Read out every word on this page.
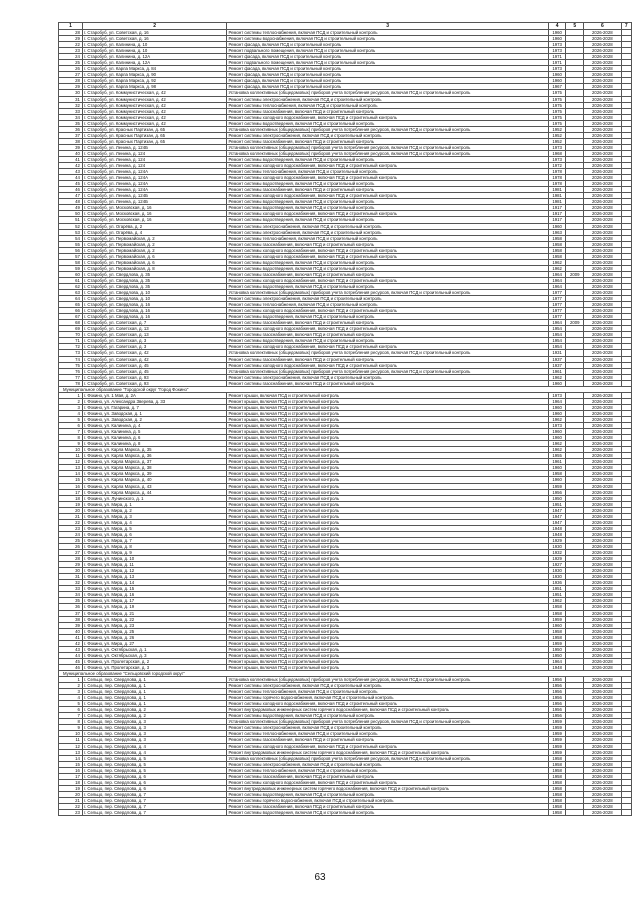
1	2	3	4	5	6	7
28	г. Старобуб, ул. Советская, д. 16	Ремонт системы теплоснабжения, включая ПСД и строительный контроль	1960		2026-2028	
29	г. Старобуб, ул. Советская, д. 16	Ремонт системы водоснабжения, включая ПСД и строительный контроль	1960		2026-2028	
22	г. Старобуб, ул. Калинина, д. 10	Ремонт фасада, включая ПСД и строительный контроль	1973		2026-2028	
23	г. Старобуб, ул. Калинина, д. 10	Ремонт подвального помещения, включая ПСД и строительный контроль	1973		2026-2028	
24	г. Старобуб, ул. Калинина, д. 12А	Ремонт фасада, включая ПСД и строительный контроль	1971		2026-2028	
25	г. Старобуб, ул. Калинина, д. 12А	Ремонт подвального помещения, включая ПСД и строительный контроль	1971		2026-2028	
26	г. Старобуб, ул. Карла Маркса, д. 84	Ремонт фасада, включая ПСД и строительный контроль	1973		2026-2028	
27	г. Старобуб, ул. Карла Маркса, д. 90	Ремонт фасада, включая ПСД и строительный контроль	1960		2026-2028	
28	г. Старобуб, ул. Карла Маркса, д. 92	Ремонт фасада, включая ПСД и строительный контроль	1960		2026-2028	
29	г. Старобуб, ул. Карла Маркса, д. 98	Ремонт фасада, включая ПСД и строительный контроль	1967		2026-2028	
30	г. Старобуб, ул. Коммунистическая, д. 42	Установка коллективных (общедомовых) приборов учета потребления ресурсов, включая ПСД и строительный контроль	1975		2026-2028	
31	г. Старобуб, ул. Коммунистическая, д. 42	Ремонт системы электроснабжения, включая ПСД и строительный контроль	1975		2026-2028	
32	г. Старобуб, ул. Коммунистическая, д. 42	Ремонт системы теплоснабжения, включая ПСД и строительный контроль	1975		2026-2028	
33	г. Старобуб, ул. Коммунистическая, д. 42	Ремонт системы газоснабжения, включая ПСД и строительный контроль	1975		2026-2028	
34	г. Старобуб, ул. Коммунистическая, д. 42	Ремонт системы холодного водоснабжения, включая ПСД и строительный контроль	1975		2026-2028	
35	г. Старобуб, ул. Коммунистическая, д. 42	Ремонт системы водоотведения, включая ПСД и строительный контроль	1975		2026-2028	
36	г. Старобуб, ул. Красных Партизан, д. 65	Установка коллективных (общедомовых) приборов учета потребления ресурсов, включая ПСД и строительный контроль	1952		2026-2028	
37	г. Старобуб, ул. Красных Партизан, д. 65	Ремонт системы электроснабжения, включая ПСД и строительный контроль	1952		2026-2028	
38	г. Старобуб, ул. Красных Партизан, д. 65	Ремонт системы газоснабжения, включая ПСД и строительный контроль	1952		2026-2028	
39	г. Старобуб, ул. Ленина, д. 124Б	Установка коллективных (общедомовых) приборов учета потребления ресурсов, включая ПСД и строительный контроль	1973		2026-2028	
40	г. Старобуб, ул. Ленина, д. 124	Установка коллективных (общедомовых) приборов учета потребления ресурсов, включая ПСД и строительный контроль	1968		2026-2028	
41	г. Старобуб, ул. Ленина, д. 124	Ремонт системы водоотведения, включая ПСД и строительный контроль	1973		2026-2028	
42	г. Старобуб, ул. Ленина, д. 124	Ремонт системы холодного водоснабжения, включая ПСД и строительный контроль	1972		2026-2028	
43	г. Старобуб, ул. Ленина, д. 124А	Ремонт системы теплоснабжения, включая ПСД и строительный контроль	1978		2026-2028	
44	г. Старобуб, ул. Ленина, д. 124А	Ремонт системы холодного водоснабжения, включая ПСД и строительный контроль	1978		2026-2028	
45	г. Старобуб, ул. Ленина, д. 124А	Ремонт системы водоотведения, включая ПСД и строительный контроль	1978		2026-2028	
46	г. Старобуб, ул. Ленина, д. 124А	Ремонт системы газоснабжения, включая ПСД и строительный контроль	1981		2026-2028	
47	г. Старобуб, ул. Ленина, д. 124Б	Ремонт системы холодного водоснабжения, включая ПСД и строительный контроль	1981		2026-2028	
48	г. Старобуб, ул. Ленина, д. 124Б	Ремонт системы водоотведения, включая ПСД и строительный контроль	1981		2026-2028	
49	г. Старобуб, ул. Московская, д. 16	Ремонт системы водоотведения, включая ПСД и строительный контроль	1917		2026-2028	
50	г. Старобуб, ул. Московская, д. 16	Ремонт системы холодного водоснабжения, включая ПСД и строительный контроль	1917		2026-2028	
51	г. Старобуб, ул. Московская, д. 16	Ремонт системы водоотведения, включая ПСД и строительный контроль	1917		2026-2028	
52	г. Старобуб, ул. Огарёва, д. 2	Ремонт системы электроснабжения, включая ПСД и строительный контроль	1960		2026-2028	
53	г. Старобуб, ул. Огарёва, д. 4	Ремонт системы электроснабжения, включая ПСД и строительный контроль	1963		2026-2028	
54	г. Старобуб, ул. Первомайская, д. 2	Ремонт системы теплоснабжения, включая ПСД и строительный контроль	1958		2026-2028	
55	г. Старобуб, ул. Первомайская, д. 2	Ремонт системы газоснабжения, включая ПСД и строительный контроль	1958		2026-2028	
56	г. Старобуб, ул. Первомайская, д. 2	Ремонт системы холодного водоснабжения, включая ПСД и строительный контроль	1958		2026-2028	
57	г. Старобуб, ул. Первомайская, д. 6	Ремонт системы холодного водоснабжения, включая ПСД и строительный контроль	1958		2026-2028	
58	г. Старобуб, ул. Первомайская, д. 6	Ремонт системы водоотведения, включая ПСД и строительный контроль	1962		2026-2028	
59	г. Старобуб, ул. Первомайская, д. 8	Ремонт системы водоотведения, включая ПСД и строительный контроль	1962		2026-2028	
60	г. Старобуб, ул. Свердлова, д. 35	Ремонт системы газоснабжения, включая ПСД и строительный контроль	1964	2009	2026-2028	
61	г. Старобуб, ул. Свердлова, д. 35	Ремонт системы холодного водоснабжения, включая ПСД и строительный контроль	1964		2026-2028	
62	г. Старобуб, ул. Свердлова, д. 35	Ремонт системы водоотведения, включая ПСД и строительный контроль	1964		2026-2028	
63	г. Старобуб, ул. Свердлова, д. 10	Установка коллективных (общедомовых) приборов учета потребления ресурсов, включая ПСД и строительный контроль	1977		2026-2028	
64	г. Старобуб, ул. Свердлова, д. 10	Ремонт системы электроснабжения, включая ПСД и строительный контроль	1977		2026-2028	
65	г. Старобуб, ул. Свердлова, д. 16	Ремонт системы теплоснабжения, включая ПСД и строительный контроль	1977		2026-2028	
66	г. Старобуб, ул. Свердлова, д. 16	Ремонт системы холодного водоснабжения, включая ПСД и строительный контроль	1977		2026-2028	
67	г. Старобуб, ул. Свердлова, д. 16	Ремонт системы водоотведения, включая ПСД и строительный контроль	1977		2026-2028	
68	г. Старобуб, ул. Советская, д. 7	Ремонт системы газоснабжения, включая ПСД и строительный контроль	1964	2009	2026-2028	
69	г. Старобуб, ул. Советская, д. 13	Ремонт системы холодного водоснабжения, включая ПСД и строительный контроль	1954		2026-2028	
70	г. Старобуб, ул. Советская, д. 13	Ремонт системы газоснабжения, включая ПСД и строительный контроль	1954		2026-2028	
71	г. Старобуб, ул. Советская, д. 3	Ремонт системы водоотведения, включая ПСД и строительный контроль	1954		2026-2028	
72	г. Старобуб, ул. Советская, д. 3	Ремонт системы холодного водоснабжения, включая ПСД и строительный контроль	1954		2026-2028	
73	г. Старобуб, ул. Советская, д. 42	Установка коллективных (общедомовых) приборов учета потребления ресурсов, включая ПСД и строительный контроль	1931		2026-2028	
74	г. Старобуб, ул. Советская, д. 42	Ремонт системы газоснабжения, включая ПСД и строительный контроль	1937		2026-2028	
75	г. Старобуб, ул. Советская, д. 45	Ремонт системы холодного водоснабжения, включая ПСД и строительный контроль	1937		2026-2028	
76	г. Старобуб, ул. Советская, д. 45	Установка коллективных (общедомовых) приборов учета потребления ресурсов, включая ПСД и строительный контроль	1961		2026-2028	
77	г. Старобуб, ул. Советская, д. 93	Ремонт системы электроснабжения, включая ПСД и строительный контроль	1962		2026-2028	
78	г. Старобуб, ул. Советская, д. 93	Ремонт системы газоснабжения, включая ПСД и строительный контроль	1960		2026-2028	
Муниципальное образование "Городской округ "Город Фокино"						
1	г. Фокино, ул. 1 Мая, д. 2А	Ремонт крыши, включая ПСД и строительный контроль	1973		2026-2028	
2	г. Фокино, ул. Александра Зверева, д. 33	Ремонт крыши, включая ПСД и строительный контроль	1964		2026-2028	
3	г. Фокино, ул. Гагарина, д. 7	Ремонт крыши, включая ПСД и строительный контроль	1960		2026-2028	
4	г. Фокино, ул. Заводская, д. 1	Ремонт крыши, включая ПСД и строительный контроль	1960		2026-2028	
5	г. Фокино, ул. Заводская, д. 2	Ремонт крыши, включая ПСД и строительный контроль	1962		2026-2028	
6	г. Фокино, ул. Калинина, д. 4	Ремонт крыши, включая ПСД и строительный контроль	1973		2026-2028	
7	г. Фокино, ул. Калинина, д. 5	Ремонт крыши, включая ПСД и строительный контроль	1960		2026-2028	
8	г. Фокино, ул. Калинина, д. 6	Ремонт крыши, включая ПСД и строительный контроль	1960		2026-2028	
9	г. Фокино, ул. Калинина, д. 8	Ремонт крыши, включая ПСД и строительный контроль	1962		2026-2028	
10	г. Фокино, ул. Карла Маркса, д. 35	Ремонт крыши, включая ПСД и строительный контроль	1962		2026-2028	
11	г. Фокино, ул. Карла Маркса, д. 36	Ремонт крыши, включая ПСД и строительный контроль	1955		2026-2028	
12	г. Фокино, ул. Карла Маркса, д. 37	Ремонт крыши, включая ПСД и строительный контроль	1961		2026-2028	
13	г. Фокино, ул. Карла Маркса, д. 38	Ремонт крыши, включая ПСД и строительный контроль	1960		2026-2028	
14	г. Фокино, ул. Карла Маркса, д. 39	Ремонт крыши, включая ПСД и строительный контроль	1958		2026-2028	
15	г. Фокино, ул. Карла Маркса, д. 40	Ремонт крыши, включая ПСД и строительный контроль	1960		2026-2028	
16	г. Фокино, ул. Карла Маркса, д. 43	Ремонт крыши, включая ПСД и строительный контроль	1959		2026-2028	
17	г. Фокино, ул. Карла Маркса, д. 44	Ремонт крыши, включая ПСД и строительный контроль	1956		2026-2028	
18	г. Фокино, ул. Лунинского, д. 1	Ремонт крыши, включая ПСД и строительный контроль	1950		2026-2028	
19	г. Фокино, ул. Мира, д. 1	Ремонт крыши, включая ПСД и строительный контроль	1951		2026-2028	
20	г. Фокино, ул. Мира, д. 2	Ремонт крыши, включая ПСД и строительный контроль	1947		2026-2028	
21	г. Фокино, ул. Мира, д. 3	Ремонт крыши, включая ПСД и строительный контроль	1947		2026-2028	
22	г. Фокино, ул. Мира, д. 4	Ремонт крыши, включая ПСД и строительный контроль	1947		2026-2028	
23	г. Фокино, ул. Мира, д. 5	Ремонт крыши, включая ПСД и строительный контроль	1948		2026-2028	
24	г. Фокино, ул. Мира, д. 6	Ремонт крыши, включая ПСД и строительный контроль	1948		2026-2028	
25	г. Фокино, ул. Мира, д. 7	Ремонт крыши, включая ПСД и строительный контроль	1929		2026-2028	
26	г. Фокино, ул. Мира, д. 8	Ремонт крыши, включая ПСД и строительный контроль	1930		2026-2028	
27	г. Фокино, ул. Мира, д. 9	Ремонт крыши, включая ПСД и строительный контроль	1932		2026-2028	
28	г. Фокино, ул. Мира, д. 10	Ремонт крыши, включая ПСД и строительный контроль	1929		2026-2028	
29	г. Фокино, ул. Мира, д. 11	Ремонт крыши, включая ПСД и строительный контроль	1927		2026-2028	
30	г. Фокино, ул. Мира, д. 12	Ремонт крыши, включая ПСД и строительный контроль	1930		2026-2028	
31	г. Фокино, ул. Мира, д. 13	Ремонт крыши, включая ПСД и строительный контроль	1930		2026-2028	
32	г. Фокино, ул. Мира, д. 14	Ремонт крыши, включая ПСД и строительный контроль	1936		2026-2028	
33	г. Фокино, ул. Мира, д. 15	Ремонт крыши, включая ПСД и строительный контроль	1951		2026-2028	
34	г. Фокино, ул. Мира, д. 16	Ремонт крыши, включая ПСД и строительный контроль	1951		2026-2028	
35	г. Фокино, ул. Мира, д. 17	Ремонт крыши, включая ПСД и строительный контроль	1962		2026-2028	
36	г. Фокино, ул. Мира, д. 19	Ремонт крыши, включая ПСД и строительный контроль	1958		2026-2028	
37	г. Фокино, ул. Мира, д. 21	Ремонт крыши, включая ПСД и строительный контроль	1958		2026-2028	
38	г. Фокино, ул. Мира, д. 22	Ремонт крыши, включая ПСД и строительный контроль	1959		2026-2028	
39	г. Фокино, ул. Мира, д. 23	Ремонт крыши, включая ПСД и строительный контроль	1960		2026-2028	
40	г. Фокино, ул. Мира, д. 25	Ремонт крыши, включая ПСД и строительный контроль	1958		2026-2028	
41	г. Фокино, ул. Мира, д. 26	Ремонт крыши, включая ПСД и строительный контроль	1958		2026-2028	
42	г. Фокино, ул. Мира, д. 27	Ремонт крыши, включая ПСД и строительный контроль	1959		2026-2028	
43	г. Фокино, ул. Октябрьская, д. 1	Ремонт крыши, включая ПСД и строительный контроль	1950		2026-2028	
44	г. Фокино, ул. Октябрьская, д. 3	Ремонт крыши, включая ПСД и строительный контроль	1950		2026-2028	
45	г. Фокино, ул. Пролетарская, д. 2	Ремонт крыши, включая ПСД и строительный контроль	1964		2026-2028	
46	г. Фокино, ул. Пролетарская, д. 3	Ремонт крыши, включая ПСД и строительный контроль	1948		2026-2028	
Муниципальное образование "Сельцовский городской округ"						
1	г. Сельцо, пер. Свердлова, д. 1	Установка коллективных (общедомовых) приборов учета потребления ресурсов, включая ПСД и строительный контроль	1956		2026-2028	
2	г. Сельцо, пер. Свердлова, д. 1	Ремонт системы электроснабжения, включая ПСД и строительный контроль	1956		2026-2028	
3	г. Сельцо, пер. Свердлова, д. 1	Ремонт системы теплоснабжения, включая ПСД и строительный контроль	1956		2026-2028	
4	г. Сельцо, пер. Свердлова, д. 1	Ремонт системы горячего водоснабжения, включая ПСД и строительный контроль	1956		2026-2028	
5	г. Сельцо, пер. Свердлова, д. 1	Ремонт системы холодного водоснабжения, включая ПСД и строительный контроль	1956		2026-2028	
6	г. Сельцо, пер. Свердлова, д. 2	Ремонт внутридомовых инженерных систем горячего водоснабжения, включая ПСД и строительный контроль	1956		2026-2028	
7	г. Сельцо, пер. Свердлова, д. 2	Ремонт системы водоотведения, включая ПСД и строительный контроль	1956		2026-2028	
8	г. Сельцо, пер. Свердлова, д. 3	Установка коллективных (общедомовых) приборов учета потребления ресурсов, включая ПСД и строительный контроль	1959		2026-2028	
9	г. Сельцо, пер. Свердлова, д. 3	Ремонт системы электроснабжения, включая ПСД и строительный контроль	1959		2026-2028	
10	г. Сельцо, пер. Свердлова, д. 3	Ремонт системы теплоснабжения, включая ПСД и строительный контроль	1959		2026-2028	
11	г. Сельцо, пер. Свердлова, д. 3	Ремонт системы газоснабжения, включая ПСД и строительный контроль	1959		2026-2028	
12	г. Сельцо, пер. Свердлова, д. 4	Ремонт системы холодного водоснабжения, включая ПСД и строительный контроль	1959		2026-2028	
13	г. Сельцо, пер. Свердлова, д. 4	Ремонт внутридомовых инженерных систем горячего водоснабжения, включая ПСД и строительный контроль	1959		2026-2028	
14	г. Сельцо, пер. Свердлова, д. 5	Установка коллективных (общедомовых) приборов учета потребления ресурсов, включая ПСД и строительный контроль	1958		2026-2028	
15	г. Сельцо, пер. Свердлова, д. 5	Ремонт системы электроснабжения, включая ПСД и строительный контроль	1958		2026-2028	
16	г. Сельцо, пер. Свердлова, д. 5	Ремонт системы теплоснабжения, включая ПСД и строительный контроль	1958		2026-2028	
17	г. Сельцо, пер. Свердлова, д. 6	Ремонт системы газоснабжения, включая ПСД и строительный контроль	1958		2026-2028	
18	г. Сельцо, пер. Свердлова, д. 6	Ремонт системы холодного водоснабжения, включая ПСД и строительный контроль	1958		2026-2028	
19	г. Сельцо, пер. Свердлова, д. 6	Ремонт внутридомовых инженерных систем горячего водоснабжения, включая ПСД и строительный контроль	1958		2026-2028	
20	г. Сельцо, пер. Свердлова, д. 7	Ремонт системы водоотведения, включая ПСД и строительный контроль	1958		2026-2028	
21	г. Сельцо, пер. Свердлова, д. 7	Ремонт системы горячего водоснабжения, включая ПСД и строительный контроль	1958		2026-2028	
22	г. Сельцо, пер. Свердлова, д. 7	Ремонт системы газоснабжения, включая ПСД и строительный контроль	1958		2026-2028	
23	г. Сельцо, пер. Свердлова, д. 7	Ремонт системы водоотведения, включая ПСД и строительный контроль	1958		2026-2028	
63
